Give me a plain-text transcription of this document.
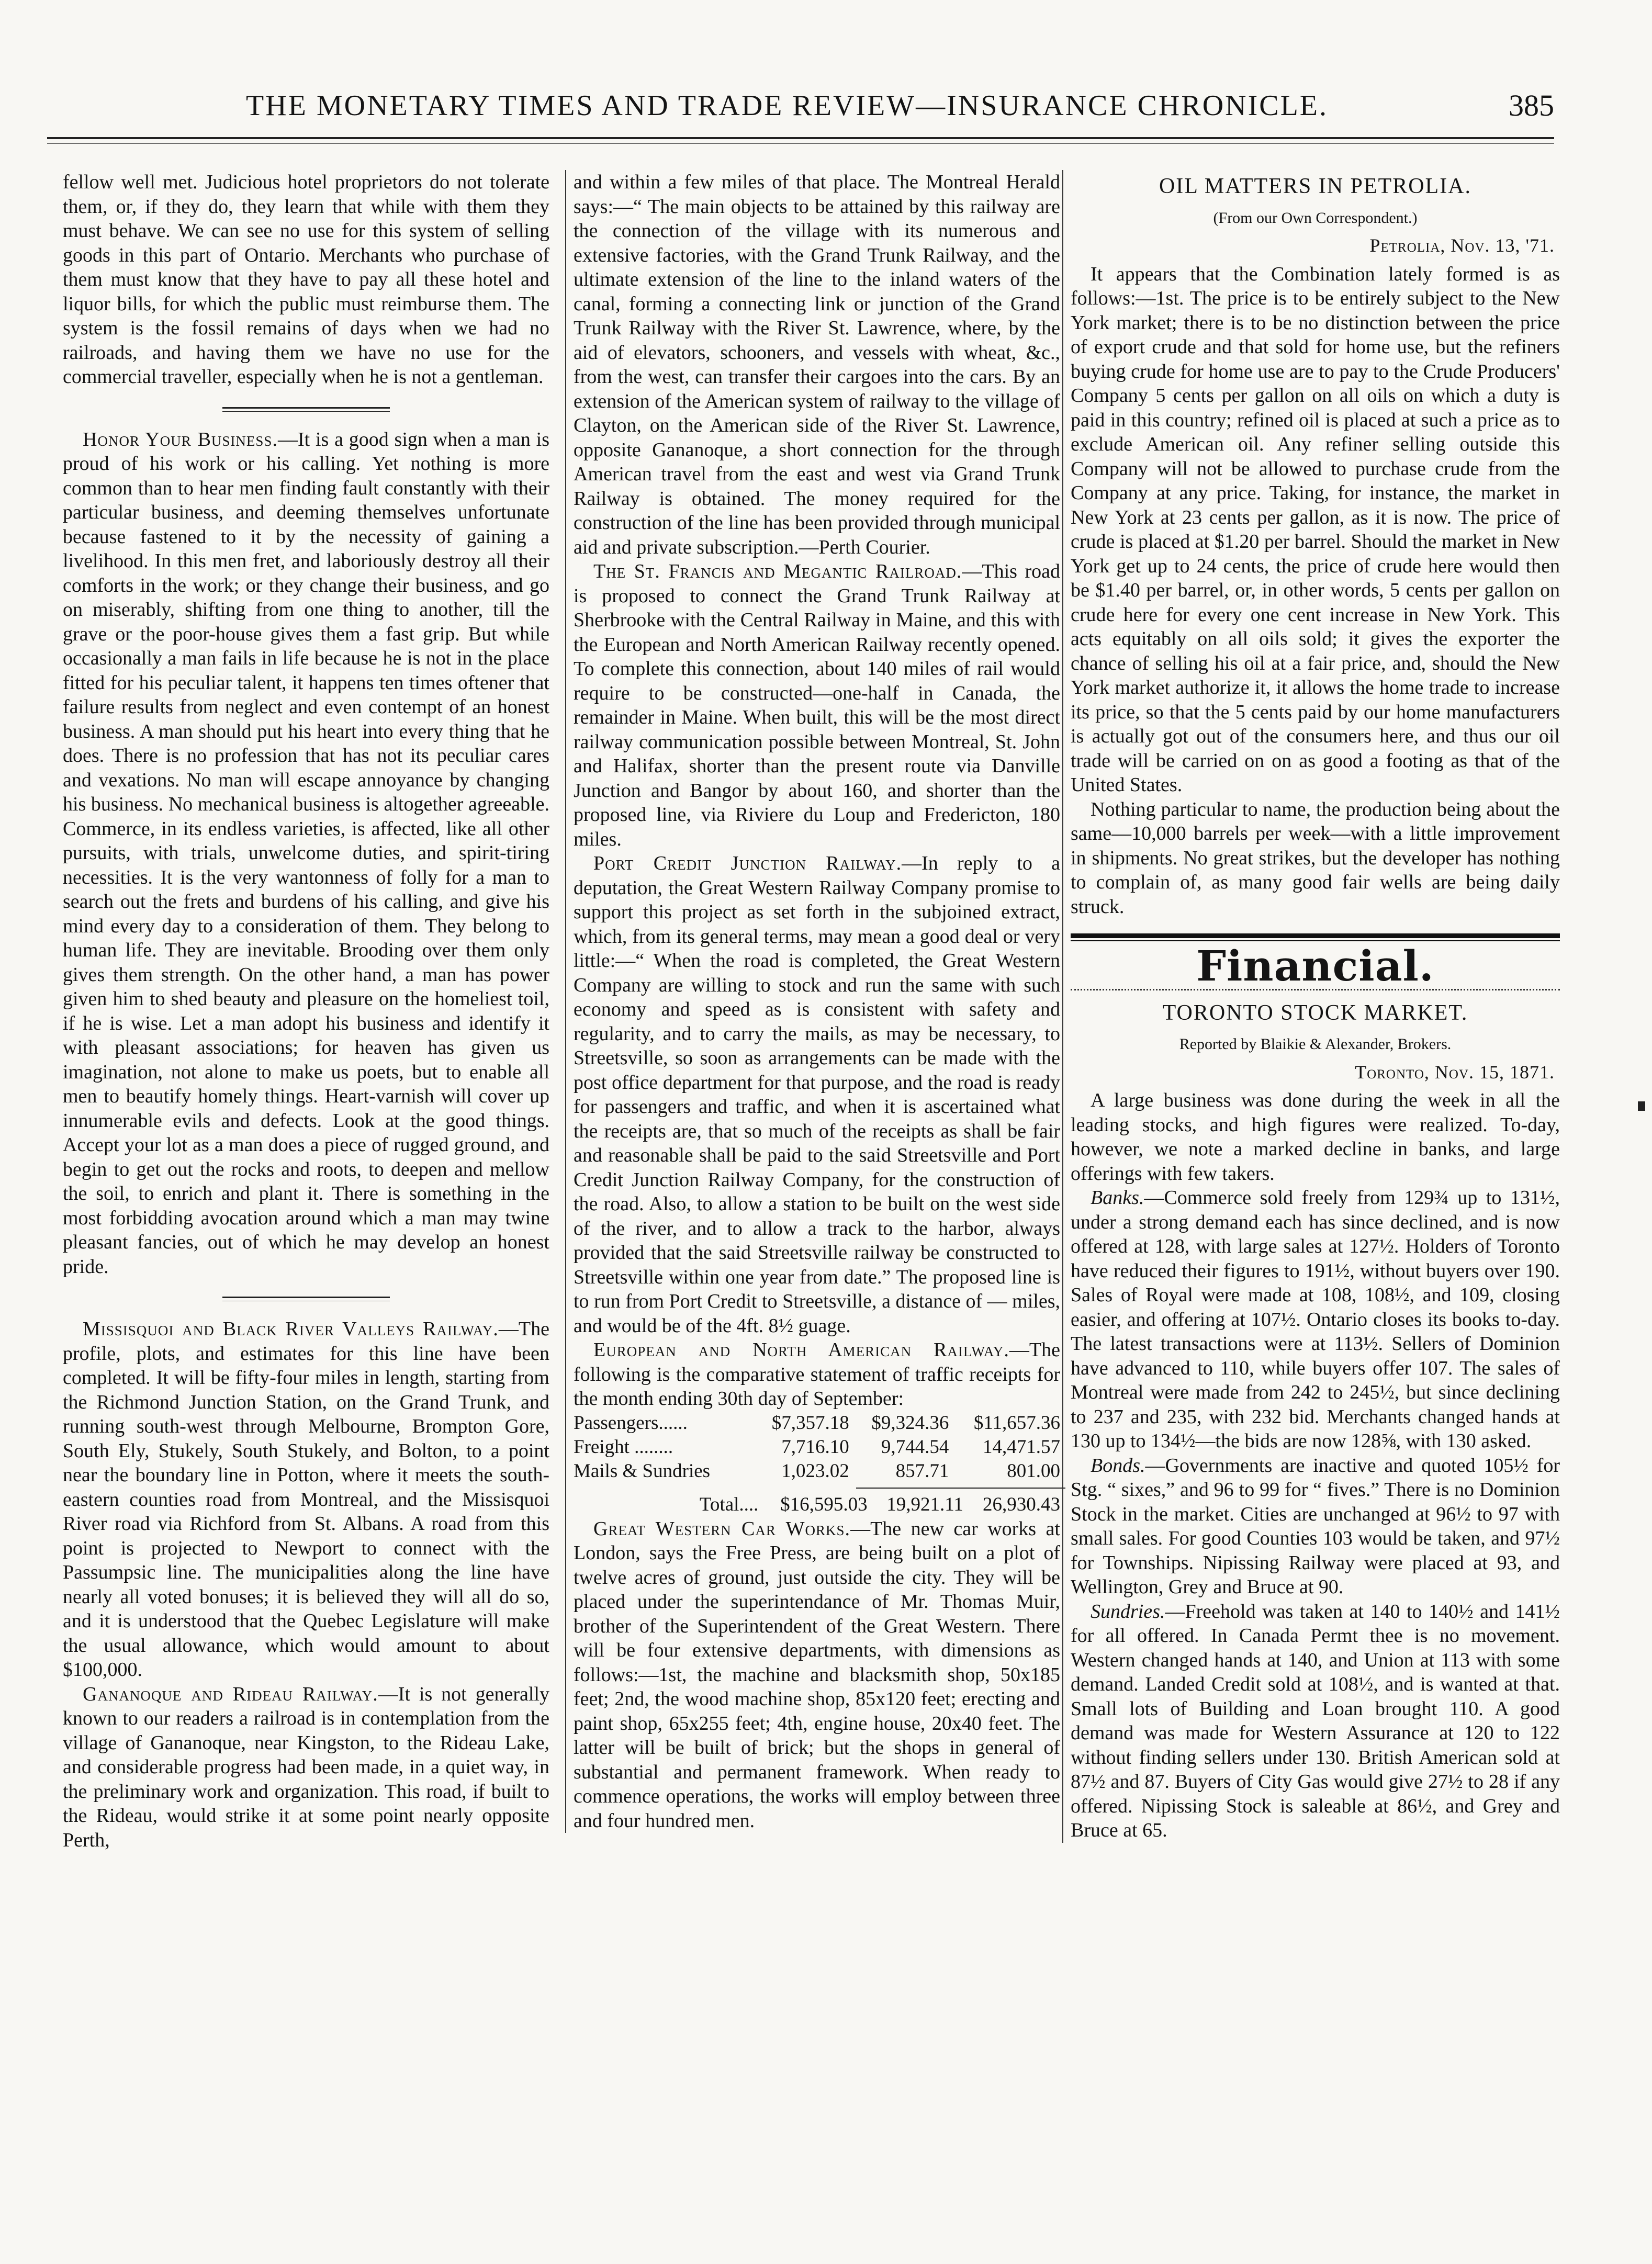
THE MONETARY TIMES AND TRADE REVIEW—INSURANCE CHRONICLE.	385

fellow well met. Judicious hotel proprietors do not tolerate them, or, if they do, they learn that while with them they must behave. We can see no use for this system of selling goods in this part of Ontario. Merchants who purchase of them must know that they have to pay all these hotel and liquor bills, for which the public must reimburse them. The system is the fossil remains of days when we had no railroads, and having them we have no use for the commercial traveller, especially when he is not a gentleman.

Honor Your Business.—It is a good sign when a man is proud of his work or his calling. Yet nothing is more common than to hear men finding fault constantly with their particular business, and deeming themselves unfortunate because fastened to it by the necessity of gaining a livelihood. In this men fret, and laboriously destroy all their comforts in the work; or they change their business, and go on miserably, shifting from one thing to another, till the grave or the poor-house gives them a fast grip. But while occasionally a man fails in life because he is not in the place fitted for his peculiar talent, it happens ten times oftener that failure results from neglect and even contempt of an honest business. A man should put his heart into every thing that he does. There is no profession that has not its peculiar cares and vexations. No man will escape annoyance by changing his business. No mechanical business is altogether agreeable. Commerce, in its endless varieties, is affected, like all other pursuits, with trials, unwelcome duties, and spirit-tiring necessities. It is the very wantonness of folly for a man to search out the frets and burdens of his calling, and give his mind every day to a consideration of them. They belong to human life. They are inevitable. Brooding over them only gives them strength. On the other hand, a man has power given him to shed beauty and pleasure on the homeliest toil, if he is wise. Let a man adopt his business and identify it with pleasant associations; for heaven has given us imagination, not alone to make us poets, but to enable all men to beautify homely things. Heart-varnish will cover up innumerable evils and defects. Look at the good things. Accept your lot as a man does a piece of rugged ground, and begin to get out the rocks and roots, to deepen and mellow the soil, to enrich and plant it. There is something in the most forbidding avocation around which a man may twine pleasant fancies, out of which he may develop an honest pride.

Missisquoi and Black River Valleys Railway.—The profile, plots, and estimates for this line have been completed. It will be fifty-four miles in length, starting from the Richmond Junction Station, on the Grand Trunk, and running south-west through Melbourne, Brompton Gore, South Ely, Stukely, South Stukely, and Bolton, to a point near the boundary line in Potton, where it meets the south-eastern counties road from Montreal, and the Missisquoi River road via Richford from St. Albans. A road from this point is projected to Newport to connect with the Passumpsic line. The municipalities along the line have nearly all voted bonuses; it is believed they will all do so, and it is understood that the Quebec Legislature will make the usual allowance, which would amount to about $100,000.

Gananoque and Rideau Railway.—It is not generally known to our readers a railroad is in contemplation from the village of Gananoque, near Kingston, to the Rideau Lake, and considerable progress had been made, in a quiet way, in the preliminary work and organization. This road, if built to the Rideau, would strike it at some point nearly opposite Perth,

and within a few miles of that place. The Montreal Herald says:—“ The main objects to be attained by this railway are the connection of the village with its numerous and extensive factories, with the Grand Trunk Railway, and the ultimate extension of the line to the inland waters of the canal, forming a connecting link or junction of the Grand Trunk Railway with the River St. Lawrence, where, by the aid of elevators, schooners, and vessels with wheat, &c., from the west, can transfer their cargoes into the cars. By an extension of the American system of railway to the village of Clayton, on the American side of the River St. Lawrence, opposite Gananoque, a short connection for the through American travel from the east and west via Grand Trunk Railway is obtained. The money required for the construction of the line has been provided through municipal aid and private subscription.—Perth Courier.

The St. Francis and Megantic Railroad.—This road is proposed to connect the Grand Trunk Railway at Sherbrooke with the Central Railway in Maine, and this with the European and North American Railway recently opened. To complete this connection, about 140 miles of rail would require to be constructed—one-half in Canada, the remainder in Maine. When built, this will be the most direct railway communication possible between Montreal, St. John and Halifax, shorter than the present route via Danville Junction and Bangor by about 160, and shorter than the proposed line, via Riviere du Loup and Fredericton, 180 miles.

Port Credit Junction Railway.—In reply to a deputation, the Great Western Railway Company promise to support this project as set forth in the subjoined extract, which, from its general terms, may mean a good deal or very little:—“ When the road is completed, the Great Western Company are willing to stock and run the same with such economy and speed as is consistent with safety and regularity, and to carry the mails, as may be necessary, to Streetsville, so soon as arrangements can be made with the post office department for that purpose, and the road is ready for passengers and traffic, and when it is ascertained what the receipts are, that so much of the receipts as shall be fair and reasonable shall be paid to the said Streetsville and Port Credit Junction Railway Company, for the construction of the road. Also, to allow a station to be built on the west side of the river, and to allow a track to the harbor, always provided that the said Streetsville railway be constructed to Streetsville within one year from date.” The proposed line is to run from Port Credit to Streetsville, a distance of — miles, and would be of the 4ft. 8½ guage.

European and North American Railway.—The following is the comparative statement of traffic receipts for the month ending 30th day of September:

Passengers......	$7,357.18	$9,324.36	$11,657.36
Freight ........	7,716.10	9,744.54	14,471.57
Mails & Sundries	1,023.02	857.71	801.00
Total....	$16,595.03	19,921.11	26,930.43

Great Western Car Works.—The new car works at London, says the Free Press, are being built on a plot of twelve acres of ground, just outside the city. They will be placed under the superintendance of Mr. Thomas Muir, brother of the Superintendent of the Great Western. There will be four extensive departments, with dimensions as follows:—1st, the machine and blacksmith shop, 50x185 feet; 2nd, the wood machine shop, 85x120 feet; erecting and paint shop, 65x255 feet; 4th, engine house, 20x40 feet. The latter will be built of brick; but the shops in general of substantial and permanent framework. When ready to commence operations, the works will employ between three and four hundred men.

OIL MATTERS IN PETROLIA.
(From our Own Correspondent.)
Petrolia, Nov. 13, '71.

It appears that the Combination lately formed is as follows:—1st. The price is to be entirely subject to the New York market; there is to be no distinction between the price of export crude and that sold for home use, but the refiners buying crude for home use are to pay to the Crude Producers' Company 5 cents per gallon on all oils on which a duty is paid in this country; refined oil is placed at such a price as to exclude American oil. Any refiner selling outside this Company will not be allowed to purchase crude from the Company at any price. Taking, for instance, the market in New York at 23 cents per gallon, as it is now. The price of crude is placed at $1.20 per barrel. Should the market in New York get up to 24 cents, the price of crude here would then be $1.40 per barrel, or, in other words, 5 cents per gallon on crude here for every one cent increase in New York. This acts equitably on all oils sold; it gives the exporter the chance of selling his oil at a fair price, and, should the New York market authorize it, it allows the home trade to increase its price, so that the 5 cents paid by our home manufacturers is actually got out of the consumers here, and thus our oil trade will be carried on on as good a footing as that of the United States.

Nothing particular to name, the production being about the same—10,000 barrels per week—with a little improvement in shipments. No great strikes, but the developer has nothing to complain of, as many good fair wells are being daily struck.

Financial.
TORONTO STOCK MARKET.
Reported by Blaikie & Alexander, Brokers.
Toronto, Nov. 15, 1871.

A large business was done during the week in all the leading stocks, and high figures were realized. To-day, however, we note a marked decline in banks, and large offerings with few takers.

Banks.—Commerce sold freely from 129¾ up to 131½, under a strong demand each has since declined, and is now offered at 128, with large sales at 127½. Holders of Toronto have reduced their figures to 191½, without buyers over 190. Sales of Royal were made at 108, 108½, and 109, closing easier, and offering at 107½. Ontario closes its books to-day. The latest transactions were at 113½. Sellers of Dominion have advanced to 110, while buyers offer 107. The sales of Montreal were made from 242 to 245½, but since declining to 237 and 235, with 232 bid. Merchants changed hands at 130 up to 134½—the bids are now 128⅝, with 130 asked.

Bonds.—Governments are inactive and quoted 105½ for Stg. “ sixes,” and 96 to 99 for “ fives.” There is no Dominion Stock in the market. Cities are unchanged at 96½ to 97 with small sales. For good Counties 103 would be taken, and 97½ for Townships. Nipissing Railway were placed at 93, and Wellington, Grey and Bruce at 90.

Sundries.—Freehold was taken at 140 to 140½ and 141½ for all offered. In Canada Permt thee is no movement. Western changed hands at 140, and Union at 113 with some demand. Landed Credit sold at 108½, and is wanted at that. Small lots of Building and Loan brought 110. A good demand was made for Western Assurance at 120 to 122 without finding sellers under 130. British American sold at 87½ and 87. Buyers of City Gas would give 27½ to 28 if any offered. Nipissing Stock is saleable at 86½, and Grey and Bruce at 65.
